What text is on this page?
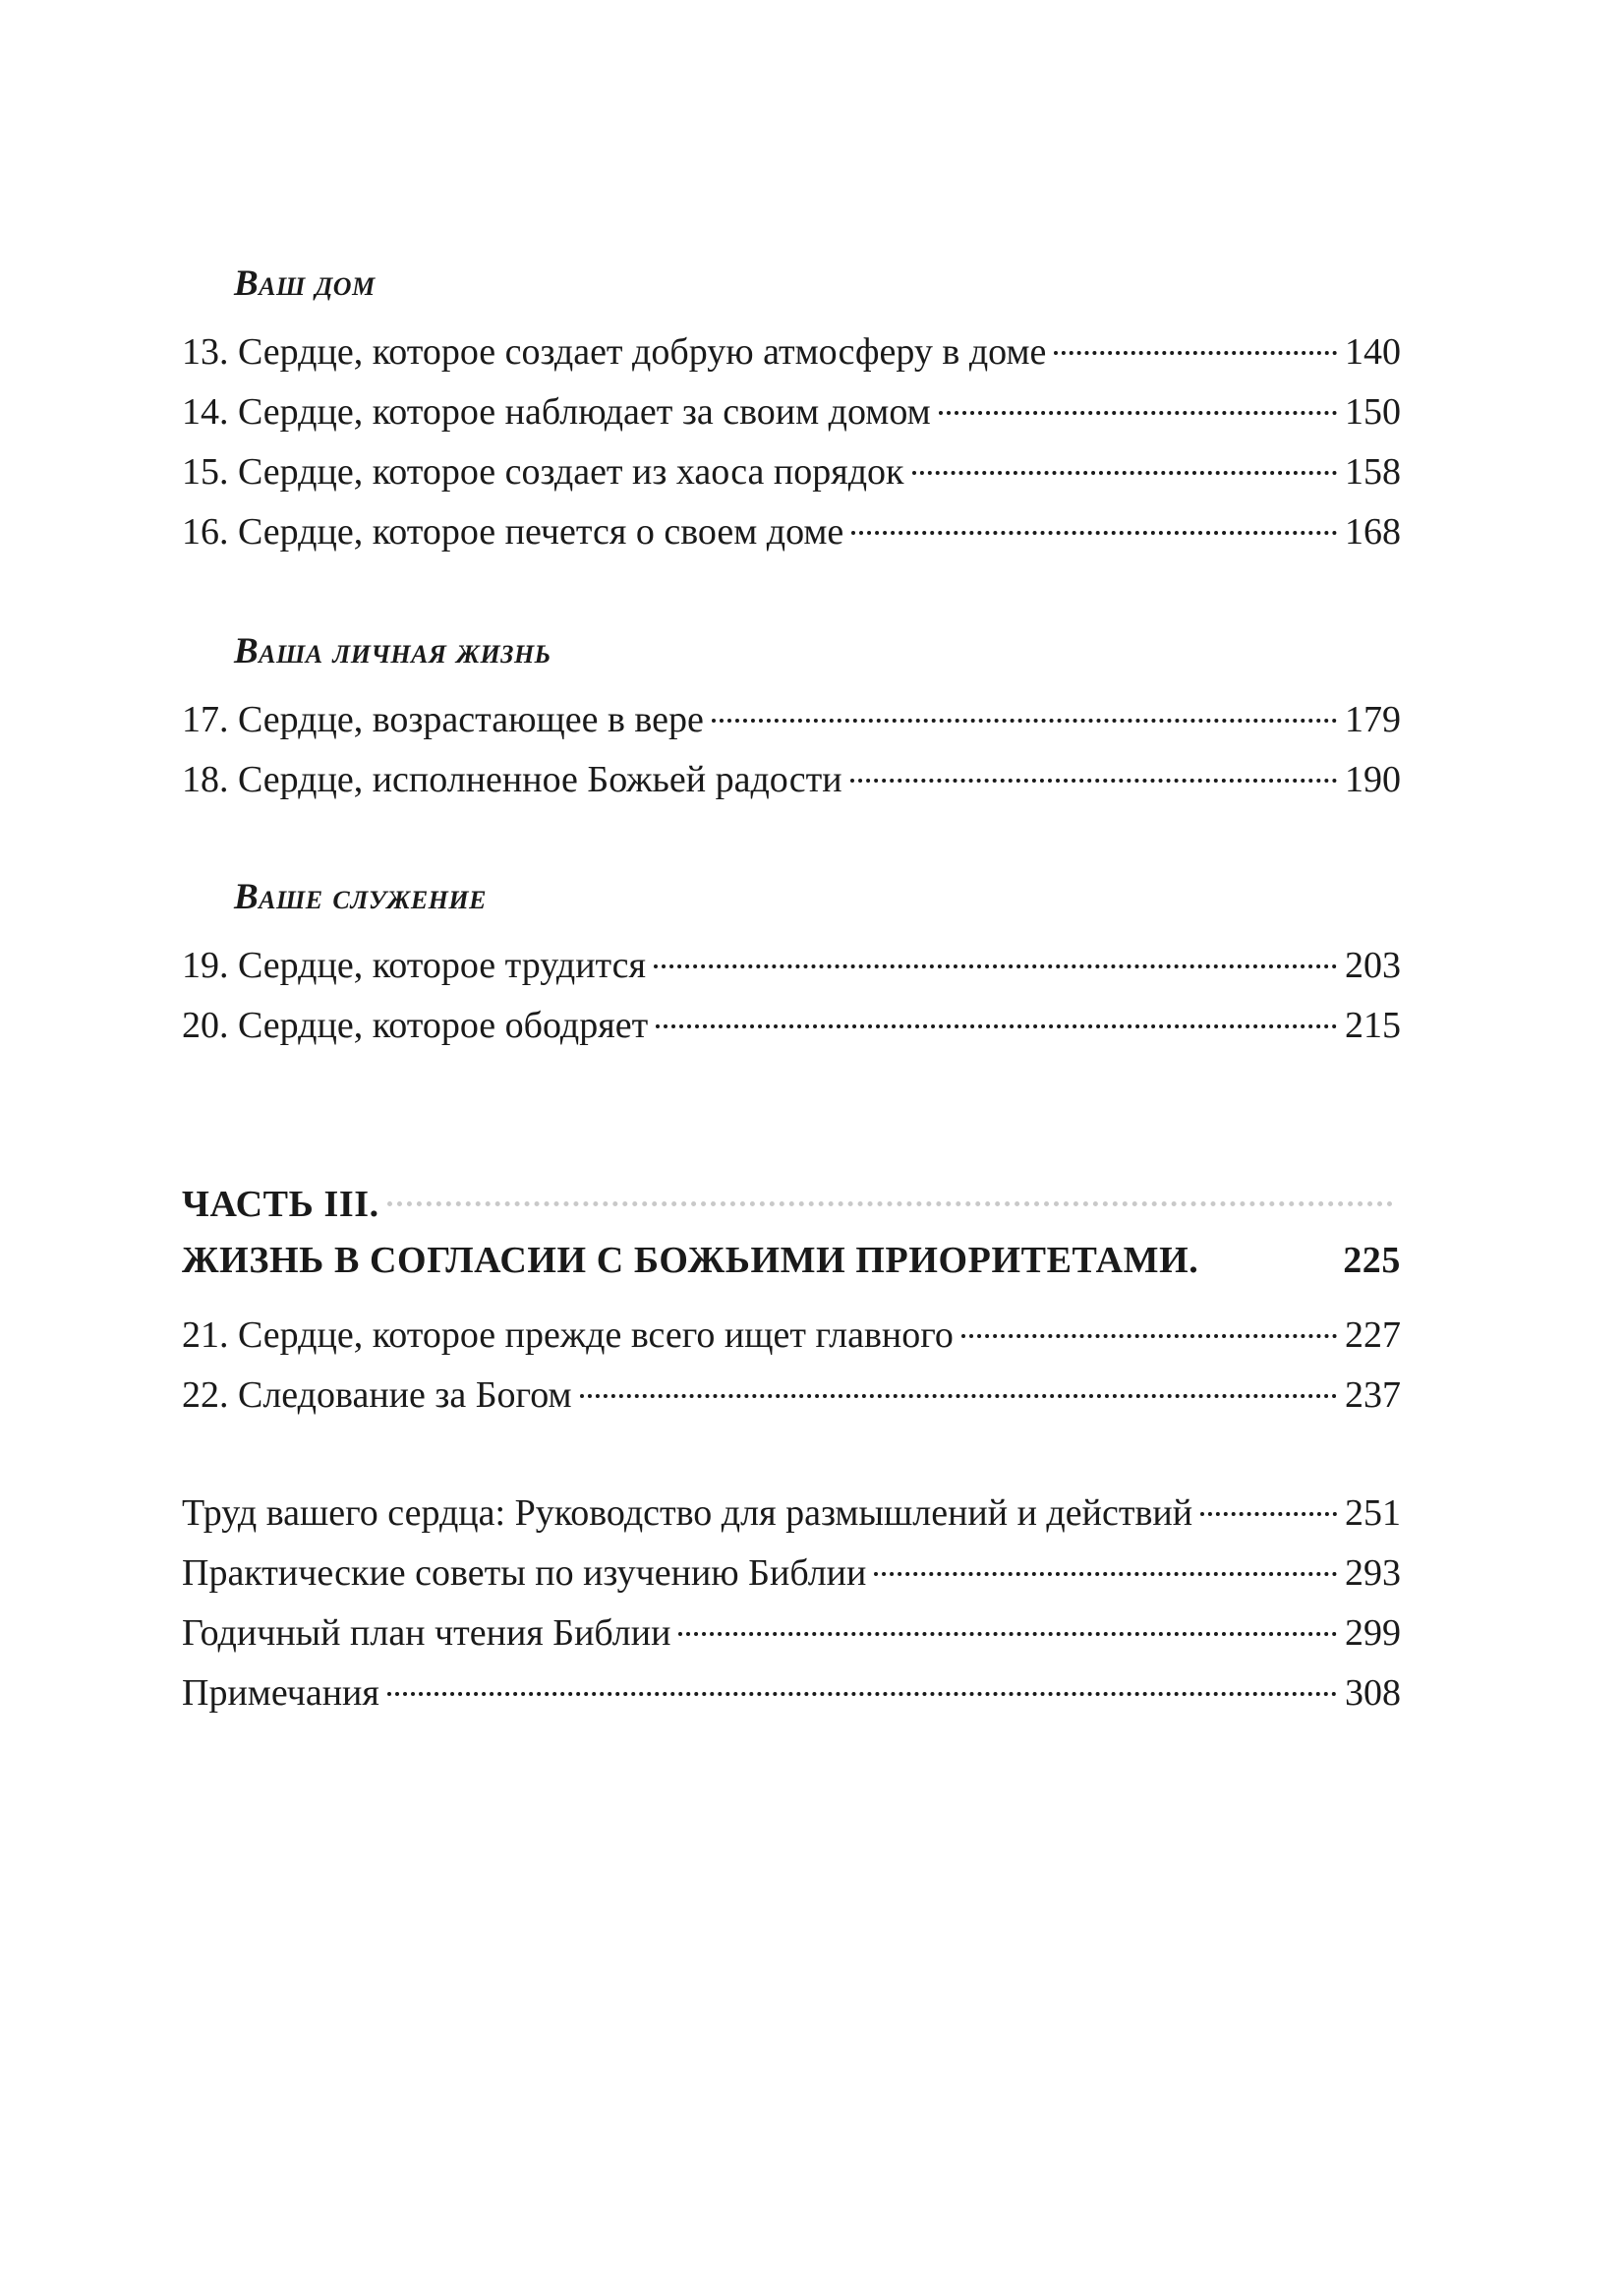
Ваш дом
13. Сердце, которое создает добрую атмосферу в доме	140
14. Сердце, которое наблюдает за своим домом	150
15. Сердце, которое создает из хаоса порядок	158
16. Сердце, которое печется о своем доме	168
Ваша личная жизнь
17. Сердце, возрастающее в вере	179
18. Сердце, исполненное Божьей радости	190
Ваше служение
19. Сердце, которое трудится	203
20. Сердце, которое ободряет	215
ЧАСТЬ III.
ЖИЗНЬ В СОГЛАСИИ С БОЖЬИМИ ПРИОРИТЕТАМИ.	225
21. Сердце, которое прежде всего ищет главного	227
22. Следование за Богом	237
Труд вашего сердца: Руководство для размышлений и действий	251
Практические советы по изучению Библии	293
Годичный план чтения Библии	299
Примечания	308
